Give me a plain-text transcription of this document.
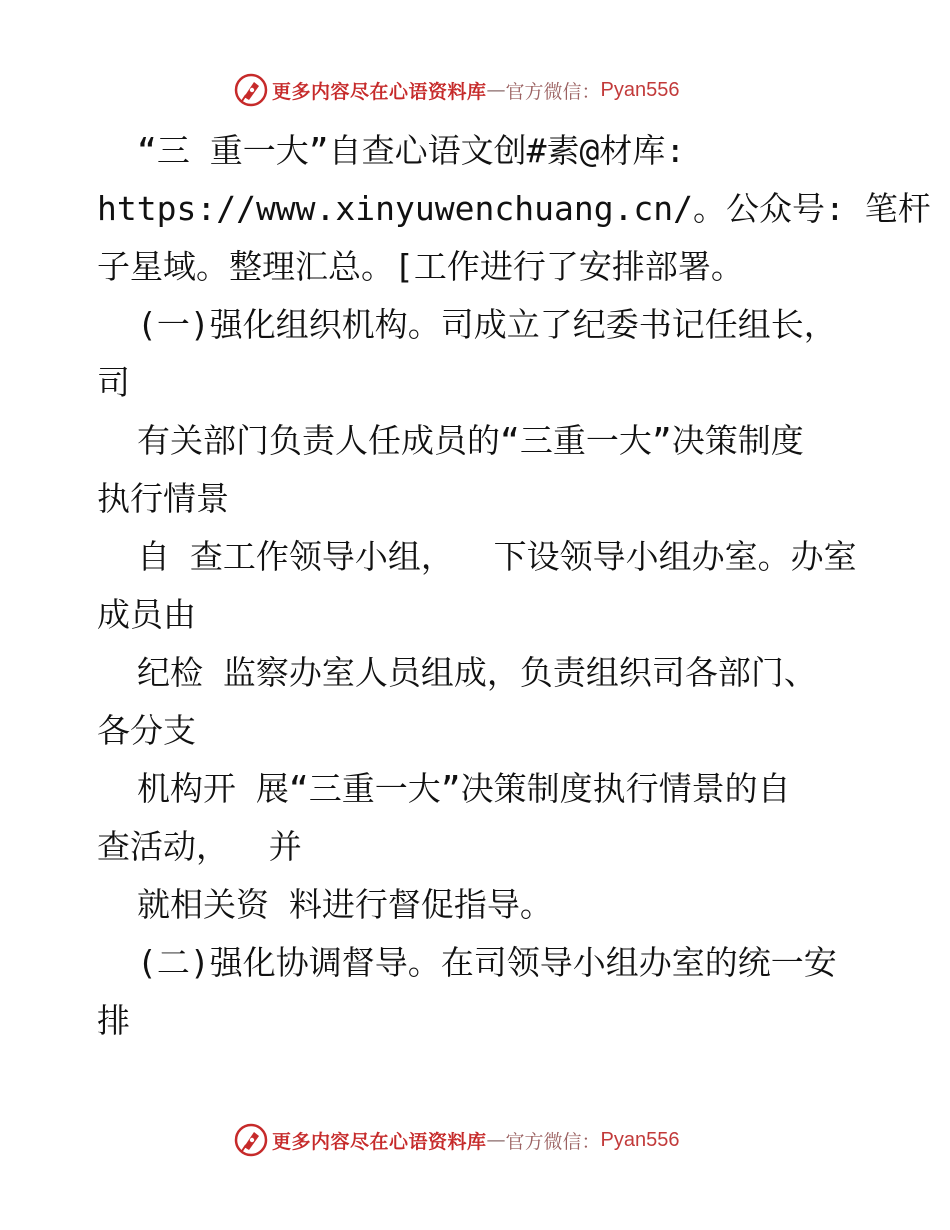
更多内容尽在心语资料库 — 官方微信： Pyan556
“三 重一大”自查心语文创#素@材库:
https://www.xinyuwenchuang.cn/。公众号: 笔杆
子星域。整理汇总。[工作进行了安排部署。
(一)强化组织机构。司成立了纪委书记任组长，
司
有关部门负责人任成员的“三重一大”决策制度
执行情景
自 查工作领导小组，  下设领导小组办室。办室
成员由
纪检 监察办室人员组成，负责组织司各部门、
各分支
机构开 展“三重一大”决策制度执行情景的自
查活动，  并
就相关资 料进行督促指导。
(二)强化协调督导。在司领导小组办室的统一安
排
更多内容尽在心语资料库 — 官方微信： Pyan556
